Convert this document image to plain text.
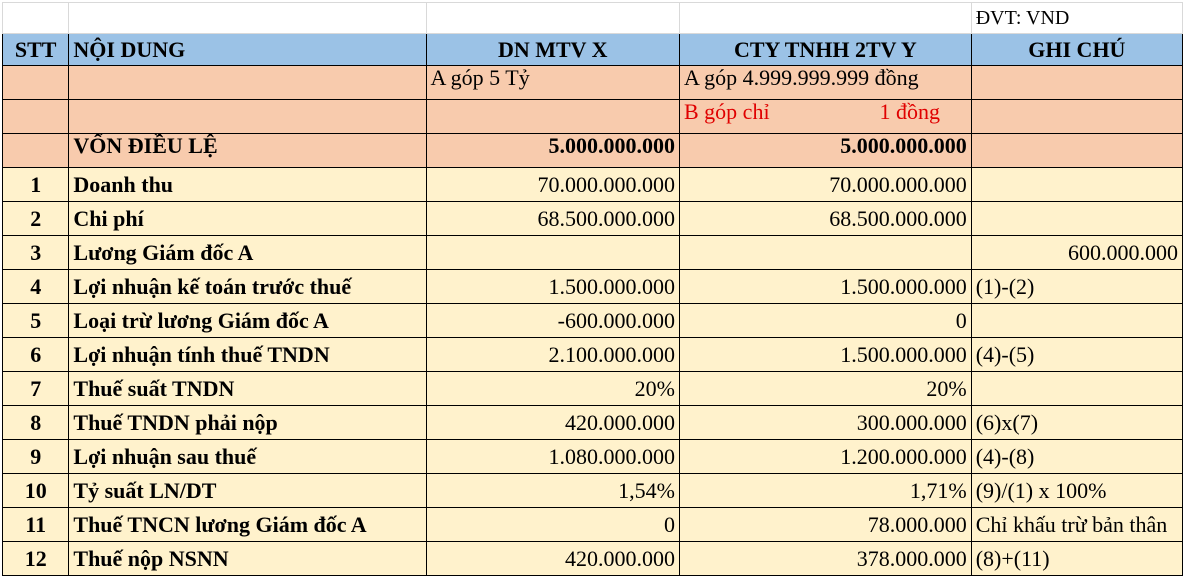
				ĐVT: VND
STT	NỘI DUNG	DN MTV X	CTY TNHH 2TV Y	GHI CHÚ
		A góp 5 Tỷ	A góp 4.999.999.999 đồng	

			B góp chỉ 1 đồng	

	VỐN ĐIỀU LỆ	5.000.000.000	5.000.000.000	
1	Doanh thu	70.000.000.000	70.000.000.000	
2	Chi phí	68.500.000.000	68.500.000.000	
3	Lương Giám đốc A			600.000.000
4	Lợi nhuận kế toán trước thuế	1.500.000.000	1.500.000.000	(1)-(2)
5	Loại trừ lương Giám đốc A	-600.000.000	0	
6	Lợi nhuận tính thuế TNDN	2.100.000.000	1.500.000.000	(4)-(5)
7	Thuế suất TNDN	20%	20%	
8	Thuế TNDN phải nộp	420.000.000	300.000.000	(6)x(7)
9	Lợi nhuận sau thuế	1.080.000.000	1.200.000.000	(4)-(8)
10	Tỷ suất LN/DT	1,54%	1,71%	(9)/(1) x 100%
11	Thuế TNCN lương Giám đốc A	0	78.000.000	Chỉ khấu trừ bản thân
12	Thuế nộp NSNN	420.000.000	378.000.000	(8)+(11)
